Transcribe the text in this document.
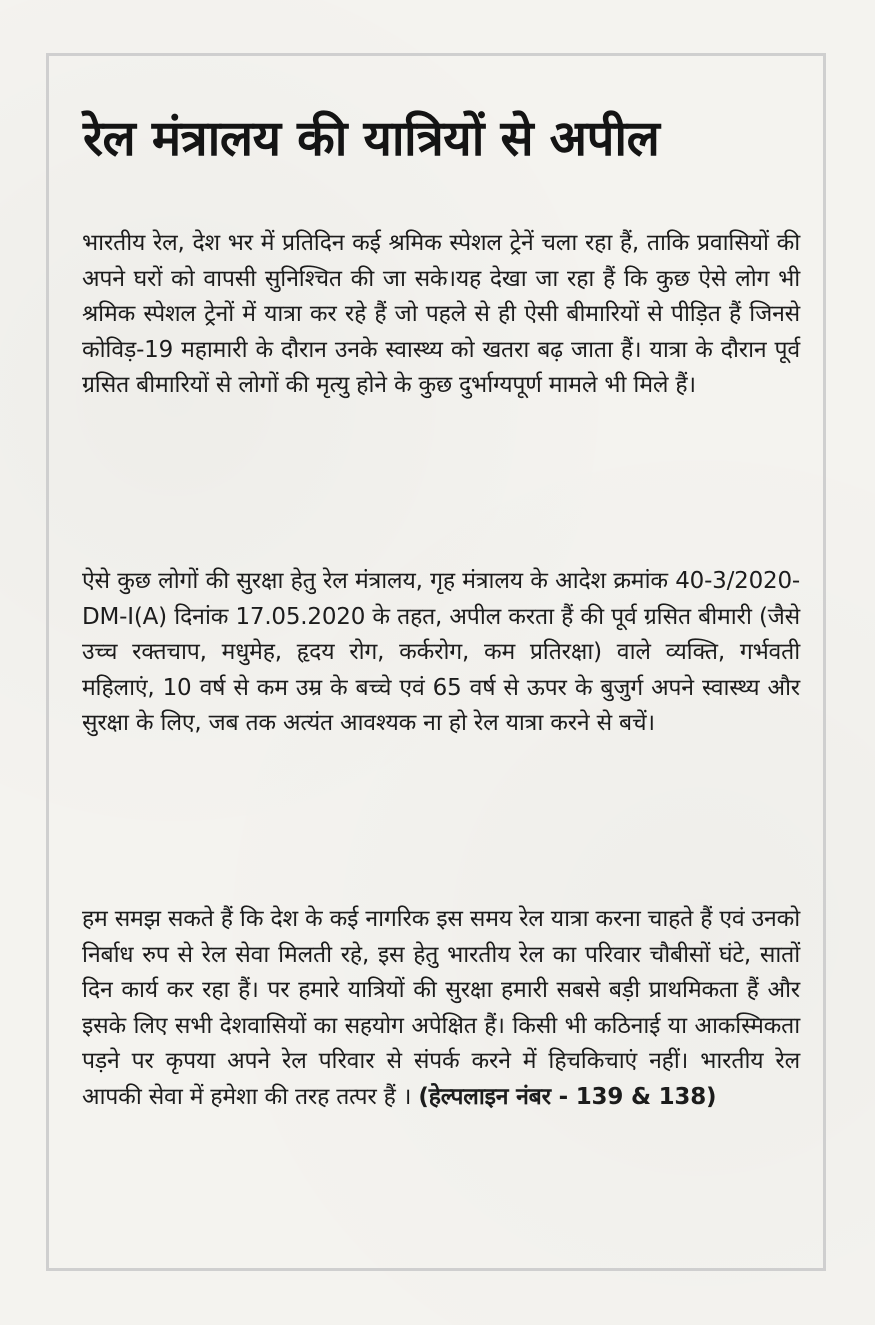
रेल मंत्रालय की यात्रियों से अपील

भारतीय रेल, देश भर में प्रतिदिन कई श्रमिक स्पेशल ट्रेनें चला रहा हैं, ताकि प्रवासियों की अपने घरों को वापसी सुनिश्चित की जा सके।यह देखा जा रहा हैं कि कुछ ऐसे लोग भी श्रमिक स्पेशल ट्रेनों में यात्रा कर रहे हैं जो पहले से ही ऐसी बीमारियों से पीड़ित हैं जिनसे कोविड़-19 महामारी के दौरान उनके स्वास्थ्य को खतरा बढ़ जाता हैं। यात्रा के दौरान पूर्व ग्रसित बीमारियों से लोगों की मृत्यु होने के कुछ दुर्भाग्यपूर्ण मामले भी मिले हैं।

ऐसे कुछ लोगों की सुरक्षा हेतु रेल मंत्रालय, गृह मंत्रालय के आदेश क्रमांक 40-3/2020-DM-I(A) दिनांक 17.05.2020 के तहत, अपील करता हैं की पूर्व ग्रसित बीमारी (जैसे उच्च रक्तचाप, मधुमेह, हृदय रोग, कर्करोग, कम प्रतिरक्षा) वाले व्यक्ति, गर्भवती महिलाएं, 10 वर्ष से कम उम्र के बच्चे एवं 65 वर्ष से ऊपर के बुजुर्ग अपने स्वास्थ्य और सुरक्षा के लिए, जब तक अत्यंत आवश्यक ना हो रेल यात्रा करने से बचें।

हम समझ सकते हैं कि देश के कई नागरिक इस समय रेल यात्रा करना चाहते हैं एवं उनको निर्बाध रुप से रेल सेवा मिलती रहे, इस हेतु भारतीय रेल का परिवार चौबीसों घंटे, सातों दिन कार्य कर रहा हैं। पर हमारे यात्रियों की सुरक्षा हमारी सबसे बड़ी प्राथमिकता हैं और इसके लिए सभी देशवासियों का सहयोग अपेक्षित हैं। किसी भी कठिनाई या आकस्मिकता पड़ने पर कृपया अपने रेल परिवार से संपर्क करने में हिचकिचाएं नहीं। भारतीय रेल आपकी सेवा में हमेशा की तरह तत्पर हैं । (हेल्पलाइन नंबर - 139 & 138)
